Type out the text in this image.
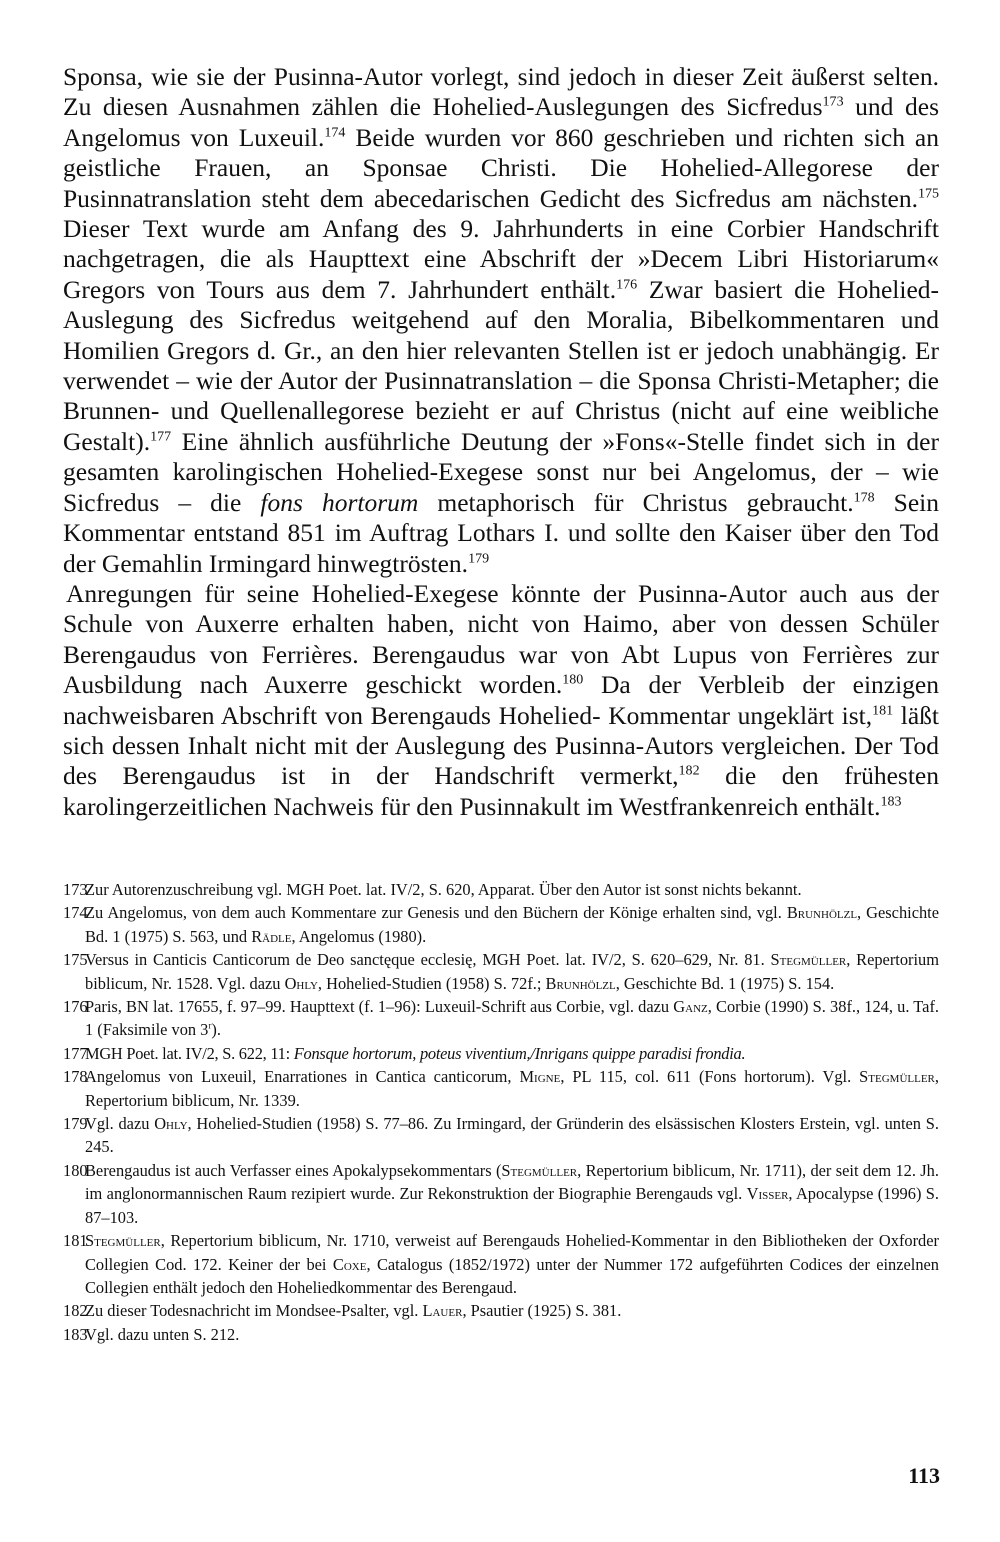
Sponsa, wie sie der Pusinna-Autor vorlegt, sind jedoch in dieser Zeit äußerst selten. Zu diesen Ausnahmen zählen die Hohelied-Auslegungen des Sicfredus$^{173}$ und des Angelomus von Luxeuil.$^{174}$ Beide wurden vor 860 geschrieben und richten sich an geistliche Frauen, an Sponsae Christi. Die Hohelied-Allegorese der Pusinnatranslation steht dem abecedarischen Gedicht des Sicfredus am nächsten.$^{175}$ Dieser Text wurde am Anfang des 9. Jahrhunderts in eine Corbier Handschrift nachgetragen, die als Haupttext eine Abschrift der »Decem Libri Historiarum« Gregors von Tours aus dem 7. Jahrhundert enthält.$^{176}$ Zwar basiert die Hohelied-Auslegung des Sicfredus weitgehend auf den Moralia, Bibelkommentaren und Homilien Gregors d. Gr., an den hier relevanten Stellen ist er jedoch unabhängig. Er verwendet – wie der Autor der Pusinnatranslation – die Sponsa Christi-Metapher; die Brunnen- und Quellenallegorese bezieht er auf Christus (nicht auf eine weibliche Gestalt).$^{177}$ Eine ähnlich ausführliche Deutung der »Fons«-Stelle findet sich in der gesamten karolingischen Hohelied-Exegese sonst nur bei Angelomus, der – wie Sicfredus – die fons hortorum metaphorisch für Christus gebraucht.$^{178}$ Sein Kommentar entstand 851 im Auftrag Lothars I. und sollte den Kaiser über den Tod der Gemahlin Irmingard hinwegtrösten.$^{179}$

Anregungen für seine Hohelied-Exegese könnte der Pusinna-Autor auch aus der Schule von Auxerre erhalten haben, nicht von Haimo, aber von dessen Schüler Berengaudus von Ferrières. Berengaudus war von Abt Lupus von Ferrières zur Ausbildung nach Auxerre geschickt worden.$^{180}$ Da der Verbleib der einzigen nachweisbaren Abschrift von Berengauds Hohelied- Kommentar ungeklärt ist,$^{181}$ läßt sich dessen Inhalt nicht mit der Auslegung des Pusinna-Autors vergleichen. Der Tod des Berengaudus ist in der Handschrift vermerkt,$^{182}$ die den frühesten karolingerzeitlichen Nachweis für den Pusinnakult im Westfrankenreich enthält.$^{183}$

173
Zur Autorenzuschreibung vgl. MGH Poet. lat. IV/2, S. 620, Apparat. Über den Autor ist sonst nichts bekannt.

174
Zu Angelomus, von dem auch Kommentare zur Genesis und den Büchern der Könige erhalten sind, vgl. Brunhölzl, Geschichte Bd. 1 (1975) S. 563, und Rädle, Angelomus (1980).

175
Versus in Canticis Canticorum de Deo sanctęque ecclesię, MGH Poet. lat. IV/2, S. 620–629, Nr. 81. Stegmüller, Repertorium biblicum, Nr. 1528. Vgl. dazu Ohly, Hohelied-Studien (1958) S. 72f.; Brunhölzl, Geschichte Bd. 1 (1975) S. 154.

176
Paris, BN lat. 17655, f. 97–99. Haupttext (f. 1–96): Luxeuil-Schrift aus Corbie, vgl. dazu Ganz, Corbie (1990) S. 38f., 124, u. Taf. 1 (Faksimile von 3$^r$).

177
MGH Poet. lat. IV/2, S. 622, 11: Fonsque hortorum, poteus viventium,/Inrigans quippe paradisi frondia.

178
Angelomus von Luxeuil, Enarrationes in Cantica canticorum, Migne, PL 115, col. 611 (Fons hortorum). Vgl. Stegmüller, Repertorium biblicum, Nr. 1339.

179
Vgl. dazu Ohly, Hohelied-Studien (1958) S. 77–86. Zu Irmingard, der Gründerin des elsässischen Klosters Erstein, vgl. unten S. 245.

180
Berengaudus ist auch Verfasser eines Apokalypsekommentars (Stegmüller, Repertorium biblicum, Nr. 1711), der seit dem 12. Jh. im anglonormannischen Raum rezipiert wurde. Zur Rekonstruktion der Biographie Berengauds vgl. Visser, Apocalypse (1996) S. 87–103.

181
Stegmüller, Repertorium biblicum, Nr. 1710, verweist auf Berengauds Hohelied-Kommentar in den Bibliotheken der Oxforder Collegien Cod. 172. Keiner der bei Coxe, Catalogus (1852/1972) unter der Nummer 172 aufgeführten Codices der einzelnen Collegien enthält jedoch den Hoheliedkommentar des Berengaud.

182
Zu dieser Todesnachricht im Mondsee-Psalter, vgl. Lauer, Psautier (1925) S. 381.

183
Vgl. dazu unten S. 212.

113
